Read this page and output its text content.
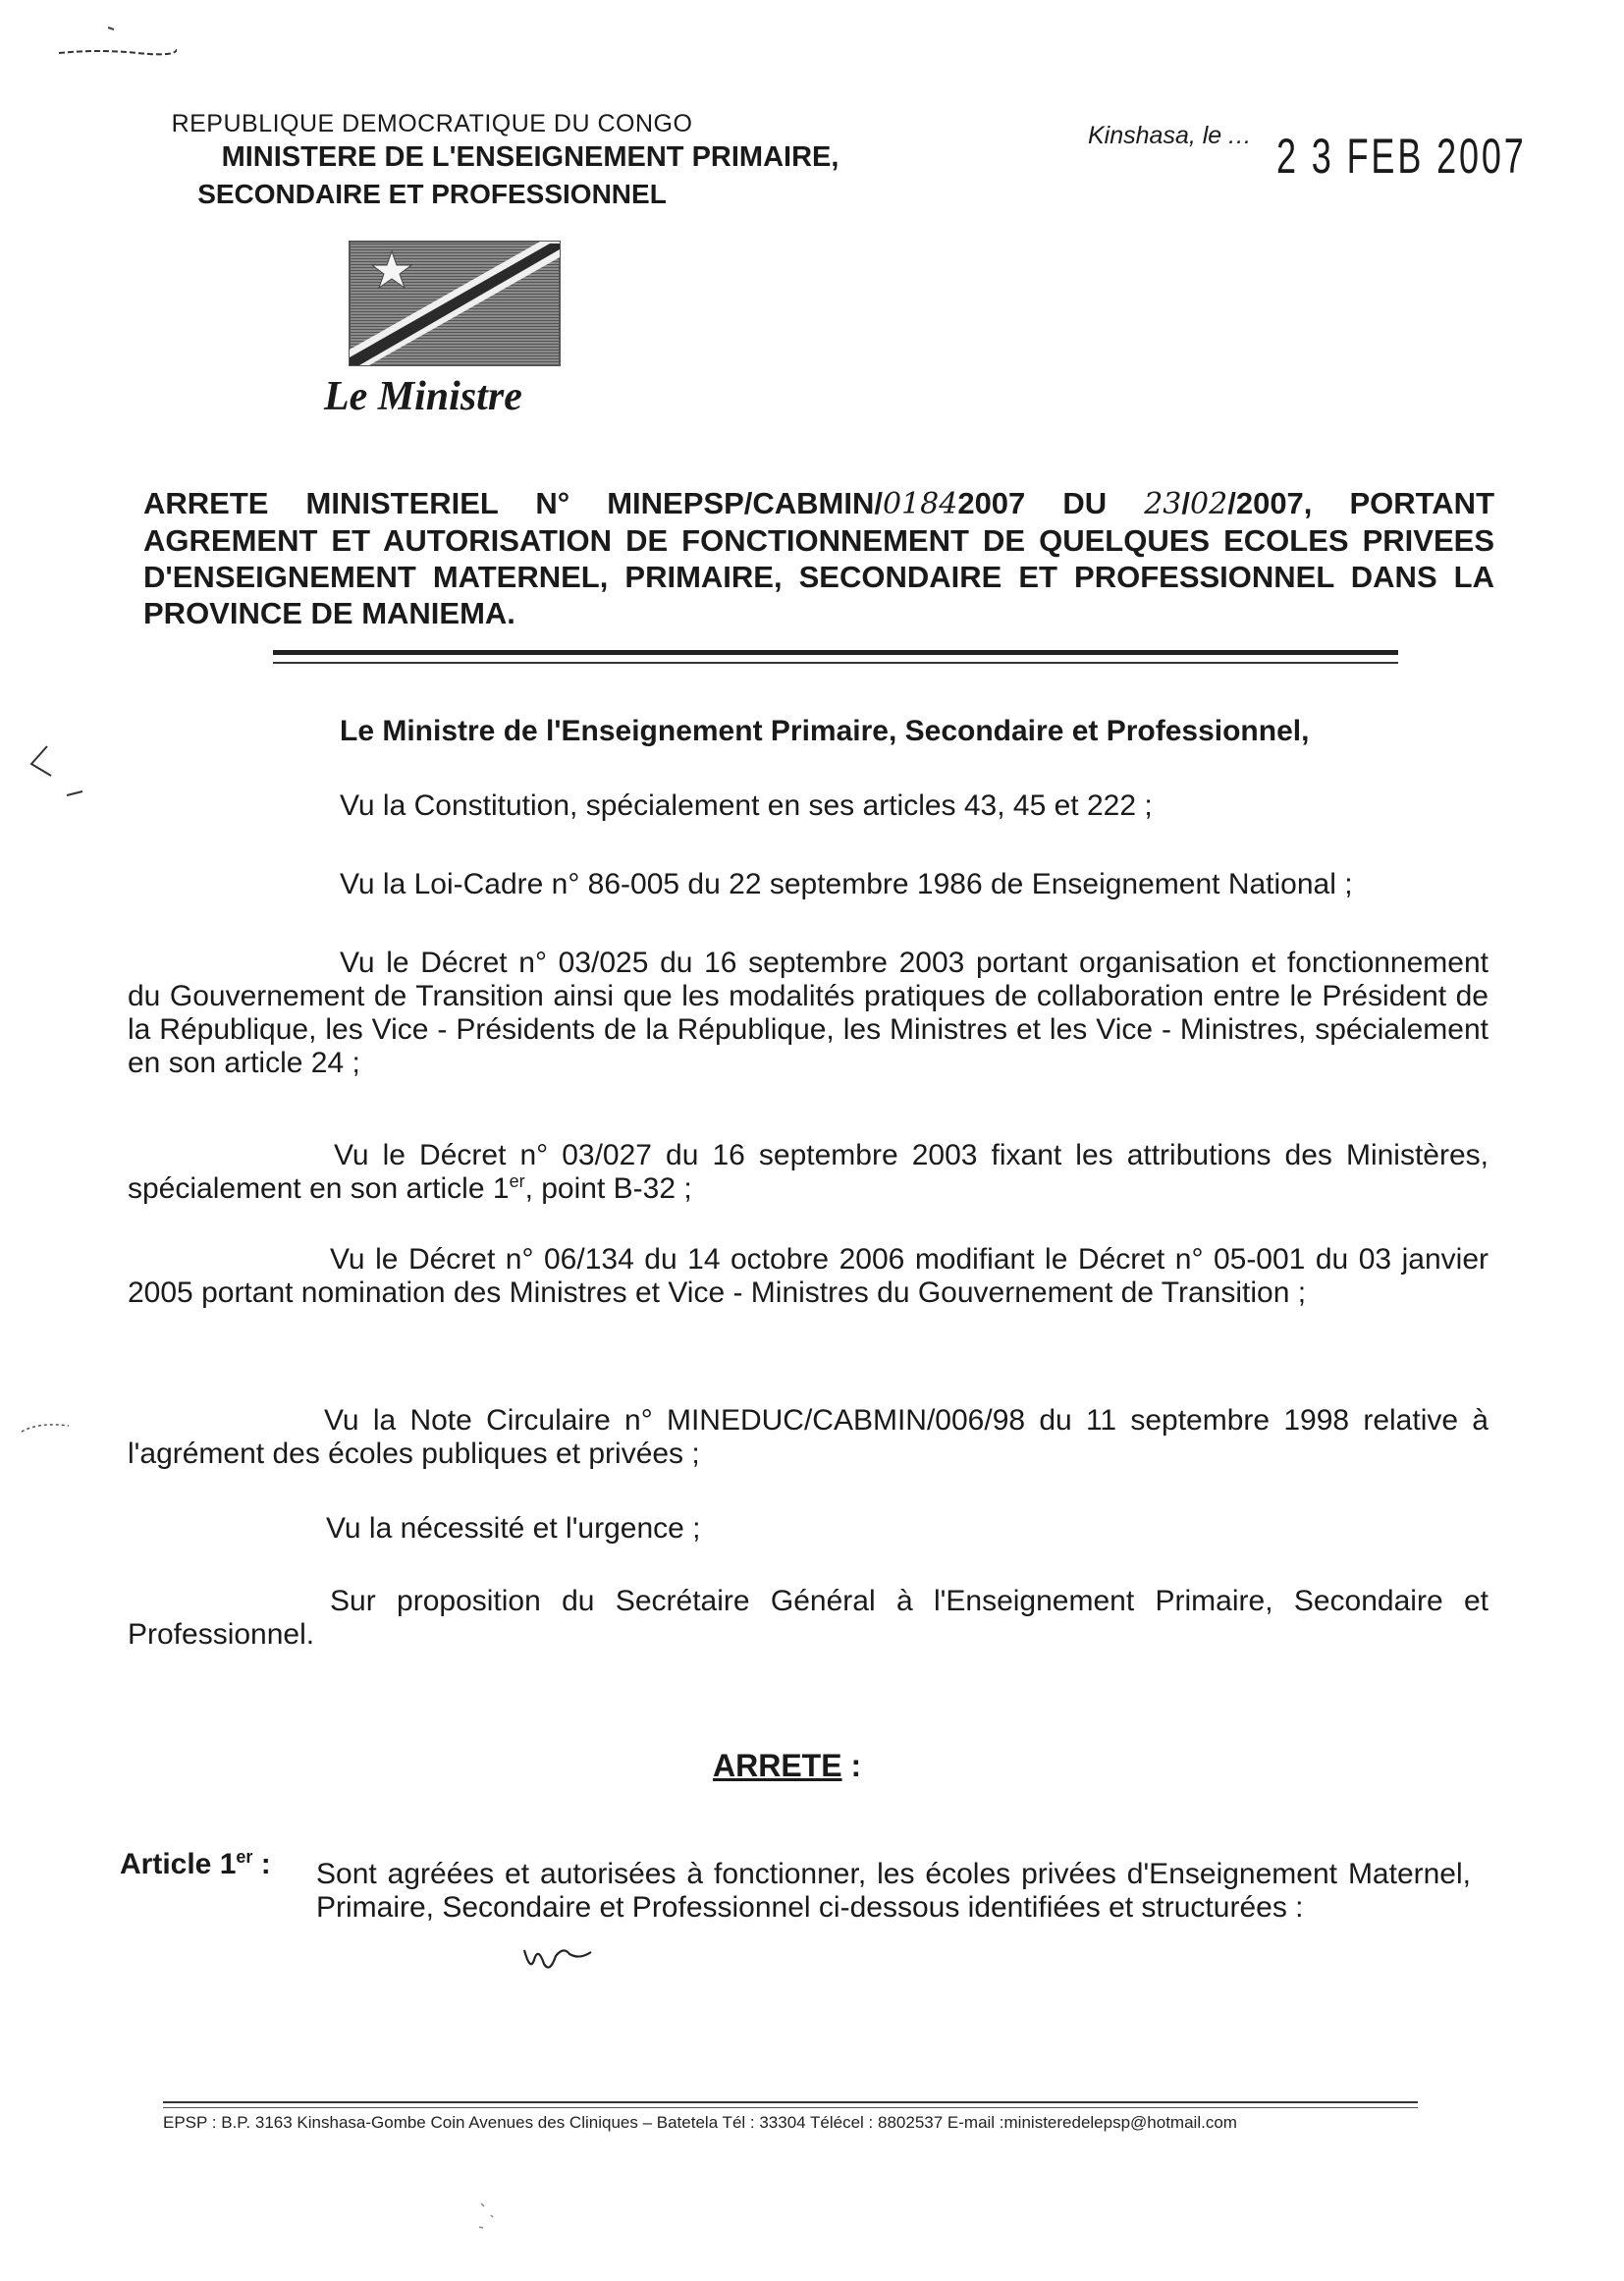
REPUBLIQUE DEMOCRATIQUE DU CONGO
MINISTERE DE L'ENSEIGNEMENT PRIMAIRE,
SECONDAIRE ET PROFESSIONNEL
Kinshasa, le ... 2 3 FEB 2007
Le Ministre
ARRETE MINISTERIEL N° MINEPSP/CABMIN/01842007 DU 23/02/2007, PORTANT AGREMENT ET AUTORISATION DE FONCTIONNEMENT DE QUELQUES ECOLES PRIVEES D'ENSEIGNEMENT MATERNEL, PRIMAIRE, SECONDAIRE ET PROFESSIONNEL DANS LA PROVINCE DE MANIEMA.
Le Ministre de l'Enseignement Primaire, Secondaire et Professionnel,
Vu la Constitution, spécialement en ses articles 43, 45 et 222 ;
Vu la Loi-Cadre n° 86-005 du 22 septembre 1986 de Enseignement National ;
Vu le Décret n° 03/025 du 16 septembre 2003 portant organisation et fonctionnement du Gouvernement de Transition ainsi que les modalités pratiques de collaboration entre le Président de la République, les Vice - Présidents de la République, les Ministres et les Vice - Ministres, spécialement en son article 24 ;
Vu le Décret n° 03/027 du 16 septembre 2003 fixant les attributions des Ministères, spécialement en son article 1er, point B-32 ;
Vu le Décret n° 06/134 du 14 octobre 2006 modifiant le Décret n° 05-001 du 03 janvier 2005 portant nomination des Ministres et Vice - Ministres du Gouvernement de Transition ;
Vu la Note Circulaire n° MINEDUC/CABMIN/006/98 du 11 septembre 1998 relative à l'agrément des écoles publiques et privées ;
Vu la nécessité et l'urgence ;
Sur proposition du Secrétaire Général à l'Enseignement Primaire, Secondaire et Professionnel.
ARRETE :
Article 1er : Sont agréées et autorisées à fonctionner, les écoles privées d'Enseignement Maternel, Primaire, Secondaire et Professionnel ci-dessous identifiées et structurées :
EPSP : B.P. 3163 Kinshasa-Gombe Coin Avenues des Cliniques – Batetela Tél : 33304 Télécel : 8802537 E-mail :ministeredelepsp@hotmail.com
